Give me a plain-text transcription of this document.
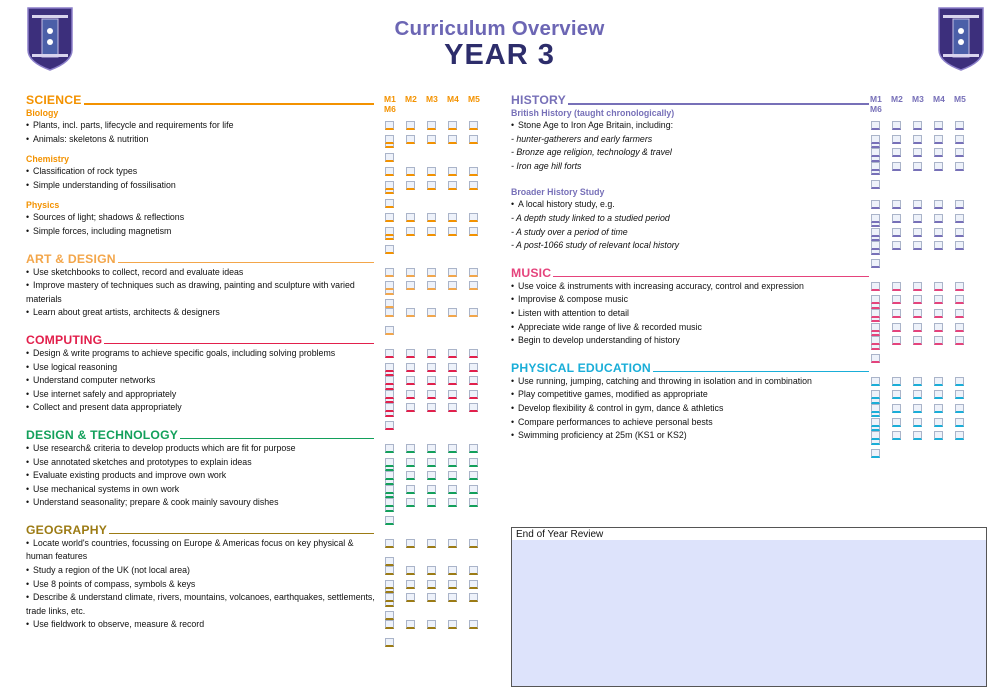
Curriculum Overview
YEAR 3
SCIENCE	M1 M2 M3 M4 M5M6
Biology
• Plants, incl. parts, lifecycle and requirements for life
• Animals: skeletons & nutrition
Chemistry
• Classification of rock types
• Simple understanding of fossilisation
Physics
• Sources of light; shadows & reflections
• Simple forces, including magnetism
ART & DESIGN
• Use sketchbooks to collect, record and evaluate ideas
• Improve mastery of techniques such as drawing, painting and sculpture with varied materials
• Learn about great artists, architects & designers
COMPUTING
• Design & write programs to achieve specific goals, including solving problems
• Use logical reasoning
• Understand computer networks
• Use internet safely and appropriately
• Collect and present data appropriately
DESIGN & TECHNOLOGY
• Use research& criteria to develop products which are fit for purpose
• Use annotated sketches and prototypes to explain ideas
• Evaluate existing products and improve own work
• Use mechanical systems in own work
• Understand seasonality; prepare & cook mainly savoury dishes
GEOGRAPHY
• Locate world's countries, focussing on Europe & Americas focus on key physical & human features
• Study a region of the UK (not local area)
• Use 8 points of compass, symbols & keys
• Describe & understand climate, rivers, mountains, volcanoes, earthquakes, settlements, trade links, etc.
• Use fieldwork to observe, measure & record
HISTORY	M1 M2 M3 M4 M5M6
British History (taught chronologically)
• Stone Age to Iron Age Britain, including:
- hunter-gatherers and early farmers
- Bronze age religion, technology & travel
- Iron age hill forts
Broader History Study
• A local history study, e.g.
- A depth study linked to a studied period
- A study over a period of time
- A post-1066 study of relevant local history
MUSIC
• Use voice & instruments with increasing accuracy, control and expression
• Improvise & compose music
• Listen with attention to detail
• Appreciate wide range of live & recorded music
• Begin to develop understanding of history
PHYSICAL EDUCATION
• Use running, jumping, catching and throwing in isolation and in combination
• Play competitive games, modified as appropriate
• Develop flexibility & control in gym, dance & athletics
• Compare performances to achieve personal bests
• Swimming proficiency at 25m (KS1 or KS2)
End of Year Review
